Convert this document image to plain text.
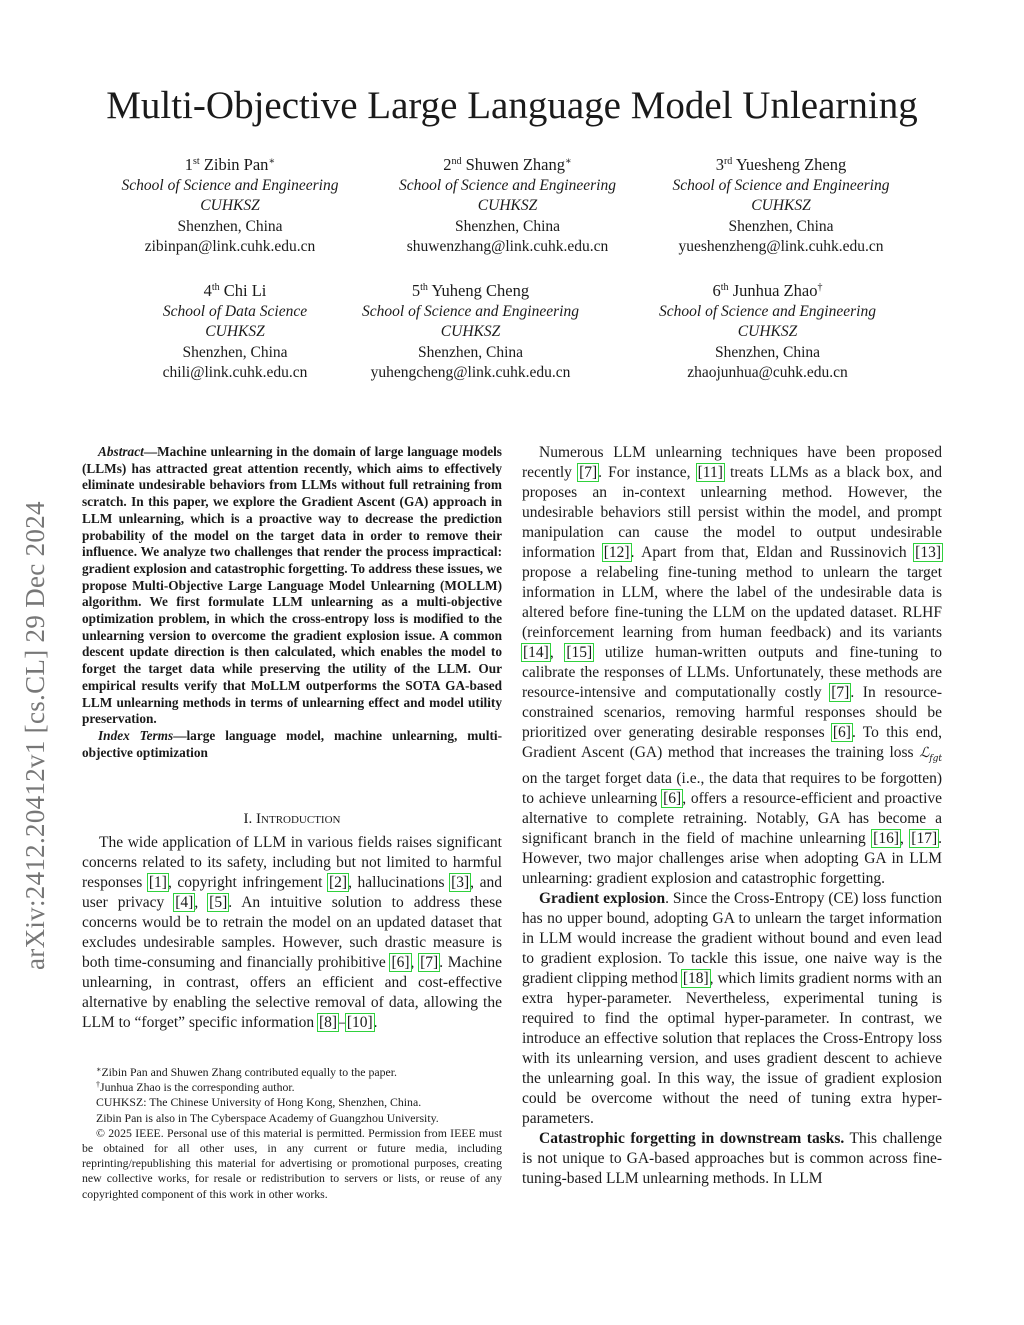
Multi-Objective Large Language Model Unlearning
1st Zibin Pan∗
School of Science and Engineering
CUHKSZ
Shenzhen, China
zibinpan@link.cuhk.edu.cn
2nd Shuwen Zhang∗
School of Science and Engineering
CUHKSZ
Shenzhen, China
shuwenzhang@link.cuhk.edu.cn
3rd Yuesheng Zheng
School of Science and Engineering
CUHKSZ
Shenzhen, China
yueshenzheng@link.cuhk.edu.cn
4th Chi Li
School of Data Science
CUHKSZ
Shenzhen, China
chili@link.cuhk.edu.cn
5th Yuheng Cheng
School of Science and Engineering
CUHKSZ
Shenzhen, China
yuhengcheng@link.cuhk.edu.cn
6th Junhua Zhao†
School of Science and Engineering
CUHKSZ
Shenzhen, China
zhaojunhua@cuhk.edu.cn
arXiv:2412.20412v1 [cs.CL] 29 Dec 2024

Abstract—Machine unlearning in the domain of large language models (LLMs) has attracted great attention recently, which aims to effectively eliminate undesirable behaviors from LLMs without full retraining from scratch. In this paper, we explore the Gradient Ascent (GA) approach in LLM unlearning, which is a proactive way to decrease the prediction probability of the model on the target data in order to remove their influence. We analyze two challenges that render the process impractical: gradient explosion and catastrophic forgetting. To address these issues, we propose Multi-Objective Large Language Model Unlearning (MOLLM) algorithm. We first formulate LLM unlearning as a multi-objective optimization problem, in which the cross-entropy loss is modified to the unlearning version to overcome the gradient explosion issue. A common descent update direction is then calculated, which enables the model to forget the target data while preserving the utility of the LLM. Our empirical results verify that MoLLM outperforms the SOTA GA-based LLM unlearning methods in terms of unlearning effect and model utility preservation.

Index Terms—large language model, machine unlearning, multi-objective optimization

I. Introduction

The wide application of LLM in various fields raises significant concerns related to its safety, including but not limited to harmful responses [1], copyright infringement [2], hallucinations [3], and user privacy [4], [5]. An intuitive solution to address these concerns would be to retrain the model on an updated dataset that excludes undesirable samples. However, such drastic measure is both time-consuming and financially prohibitive [6], [7]. Machine unlearning, in contrast, offers an efficient and cost-effective alternative by enabling the selective removal of data, allowing the LLM to “forget” specific information [8]–[10].

∗Zibin Pan and Shuwen Zhang contributed equally to the paper.

†Junhua Zhao is the corresponding author.

CUHKSZ: The Chinese University of Hong Kong, Shenzhen, China.

Zibin Pan is also in The Cyberspace Academy of Guangzhou University.

© 2025 IEEE. Personal use of this material is permitted. Permission from IEEE must be obtained for all other uses, in any current or future media, including reprinting/republishing this material for advertising or promotional purposes, creating new collective works, for resale or redistribution to servers or lists, or reuse of any copyrighted component of this work in other works.

Numerous LLM unlearning techniques have been proposed recently [7]. For instance, [11] treats LLMs as a black box, and proposes an in-context unlearning method. However, the undesirable behaviors still persist within the model, and prompt manipulation can cause the model to output undesirable information [12]. Apart from that, Eldan and Russinovich [13] propose a relabeling fine-tuning method to unlearn the target information in LLM, where the label of the undesirable data is altered before fine-tuning the LLM on the updated dataset. RLHF (reinforcement learning from human feedback) and its variants [14], [15] utilize human-written outputs and fine-tuning to calibrate the responses of LLMs. Unfortunately, these methods are resource-intensive and computationally costly [7]. In resource-constrained scenarios, removing harmful responses should be prioritized over generating desirable responses [6]. To this end, Gradient Ascent (GA) method that increases the training loss ℒ$_{fgt}$ on the target forget data (i.e., the data that requires to be forgotten) to achieve unlearning [6], offers a resource-efficient and proactive alternative to complete retraining. Notably, GA has become a significant branch in the field of machine unlearning [16], [17]. However, two major challenges arise when adopting GA in LLM unlearning: gradient explosion and catastrophic forgetting.

Gradient explosion. Since the Cross-Entropy (CE) loss function has no upper bound, adopting GA to unlearn the target information in LLM would increase the gradient without bound and even lead to gradient explosion. To tackle this issue, one naive way is the gradient clipping method [18], which limits gradient norms with an extra hyper-parameter. Nevertheless, experimental tuning is required to find the optimal hyper-parameter. In contrast, we introduce an effective solution that replaces the Cross-Entropy loss with its unlearning version, and uses gradient descent to achieve the unlearning goal. In this way, the issue of gradient explosion could be overcome without the need of tuning extra hyper-parameters.

Catastrophic forgetting in downstream tasks. This challenge is not unique to GA-based approaches but is common across fine-tuning-based LLM unlearning methods. In LLM
